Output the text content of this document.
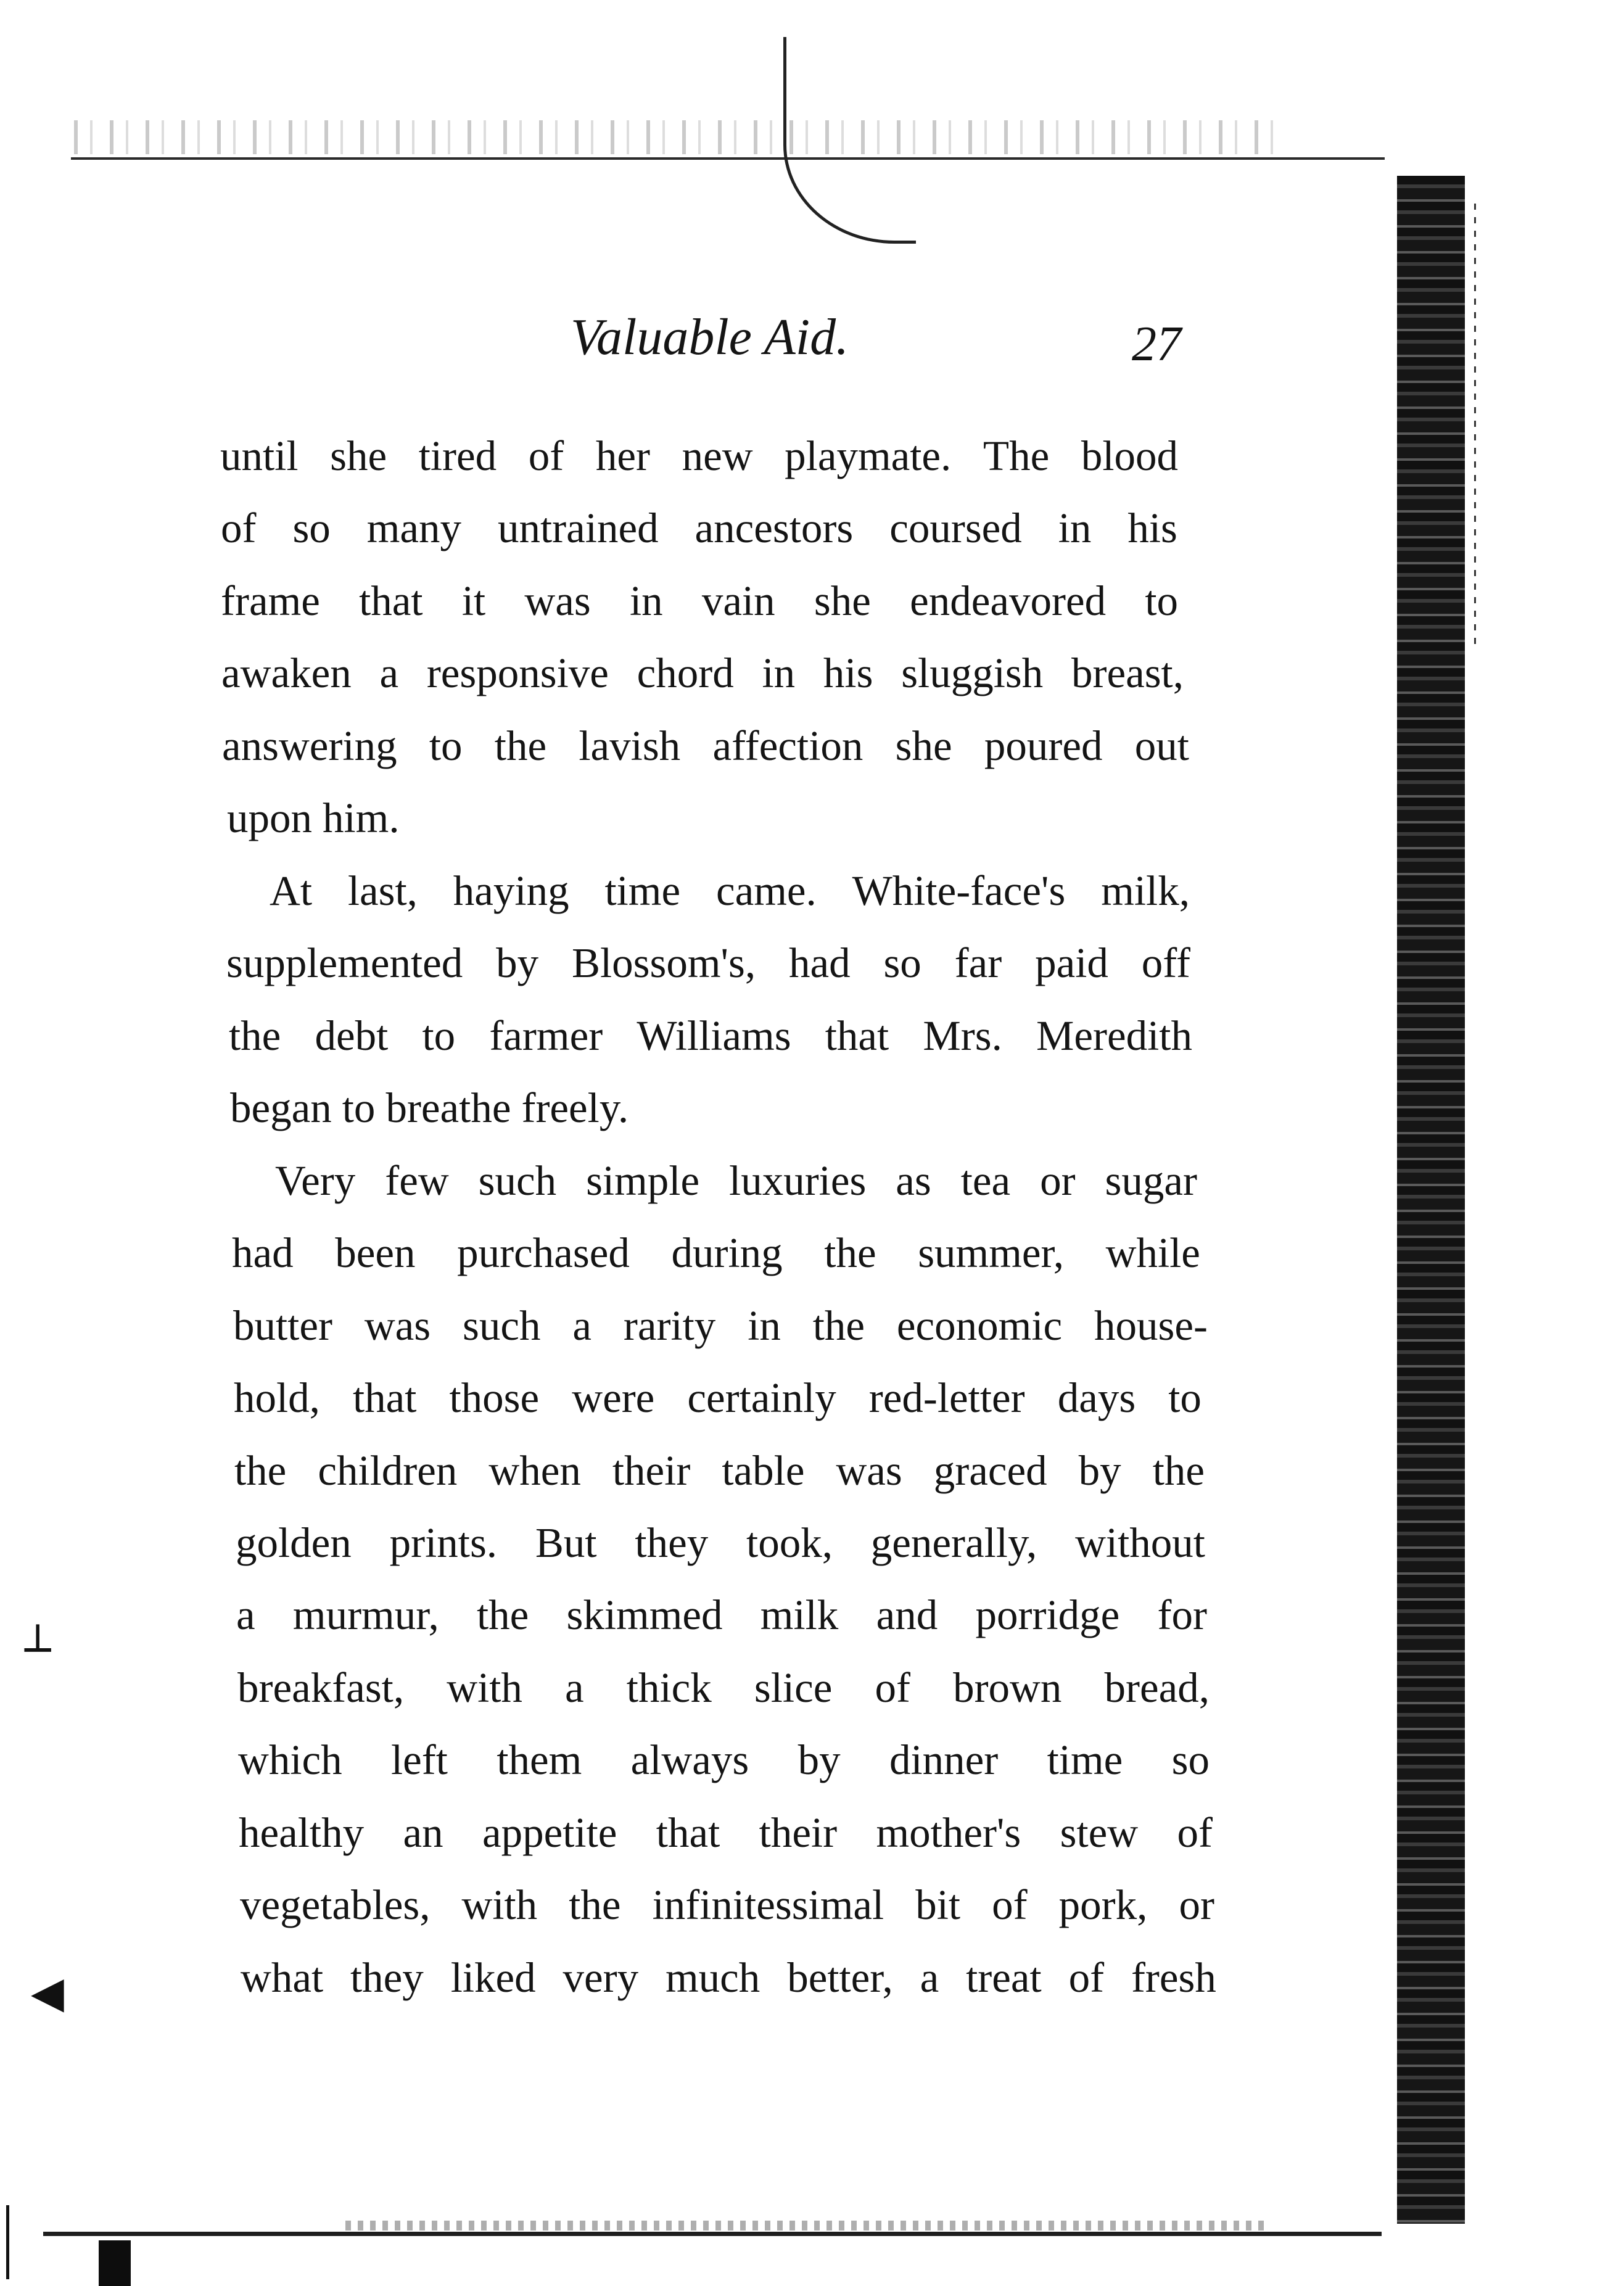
┴
◀
Valuable Aid.	27
until she tired of her new playmate. The blood
of so many untrained ancestors coursed in his
frame that it was in vain she endeavored to
awaken a responsive chord in his sluggish breast,
answering to the lavish affection she poured out
upon him.
At last, haying time came. White-face's milk,
supplemented by Blossom's, had so far paid off
the debt to farmer Williams that Mrs. Meredith
began to breathe freely.
Very few such simple luxuries as tea or sugar
had been purchased during the summer, while
butter was such a rarity in the economic house-
hold, that those were certainly red-letter days to
the children when their table was graced by the
golden prints. But they took, generally, without
a murmur, the skimmed milk and porridge for
breakfast, with a thick slice of brown bread,
which left them always by dinner time so
healthy an appetite that their mother's stew of
vegetables, with the infinitessimal bit of pork, or
what they liked very much better, a treat of fresh
